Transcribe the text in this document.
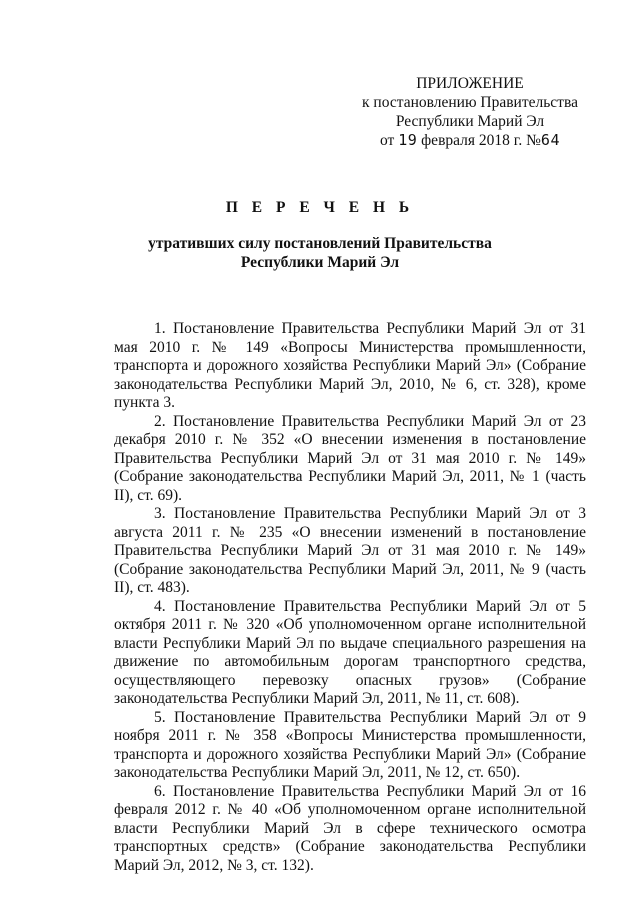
ПРИЛОЖЕНИЕ
к постановлению Правительства
Республики Марий Эл
от 19 февраля 2018 г. №64
П Е Р Е Ч Е Н Ь
утративших силу постановлений Правительства
Республики Марий Эл

1. Постановление Правительства Республики Марий Эл от 31 мая 2010 г. № 149 «Вопросы Министерства промышленности, транспорта и дорожного хозяйства Республики Марий Эл» (Собрание законодательства Республики Марий Эл, 2010, № 6, ст. 328), кроме пункта 3.

2. Постановление Правительства Республики Марий Эл от 23 декабря 2010 г. № 352 «О внесении изменения в постановление Правительства Республики Марий Эл от 31 мая 2010 г. № 149» (Собрание законодательства Республики Марий Эл, 2011, № 1 (часть II), ст. 69).

3. Постановление Правительства Республики Марий Эл от 3 августа 2011 г. № 235 «О внесении изменений в постановление Правительства Республики Марий Эл от 31 мая 2010 г. № 149» (Собрание законодательства Республики Марий Эл, 2011, № 9 (часть II), ст. 483).

4. Постановление Правительства Республики Марий Эл от 5 октября 2011 г. № 320 «Об уполномоченном органе исполнительной власти Республики Марий Эл по выдаче специального разрешения на движение по автомобильным дорогам транспортного средства, осуществляющего перевозку опасных грузов» (Собрание законодательства Республики Марий Эл, 2011, № 11, ст. 608).

5. Постановление Правительства Республики Марий Эл от 9 ноября 2011 г. № 358 «Вопросы Министерства промышленности, транспорта и дорожного хозяйства Республики Марий Эл» (Собрание законодательства Республики Марий Эл, 2011, № 12, ст. 650).

6. Постановление Правительства Республики Марий Эл от 16 февраля 2012 г. № 40 «Об уполномоченном органе исполнительной власти Республики Марий Эл в сфере технического осмотра транспортных средств» (Собрание законодательства Республики Марий Эл, 2012, № 3, ст. 132).
